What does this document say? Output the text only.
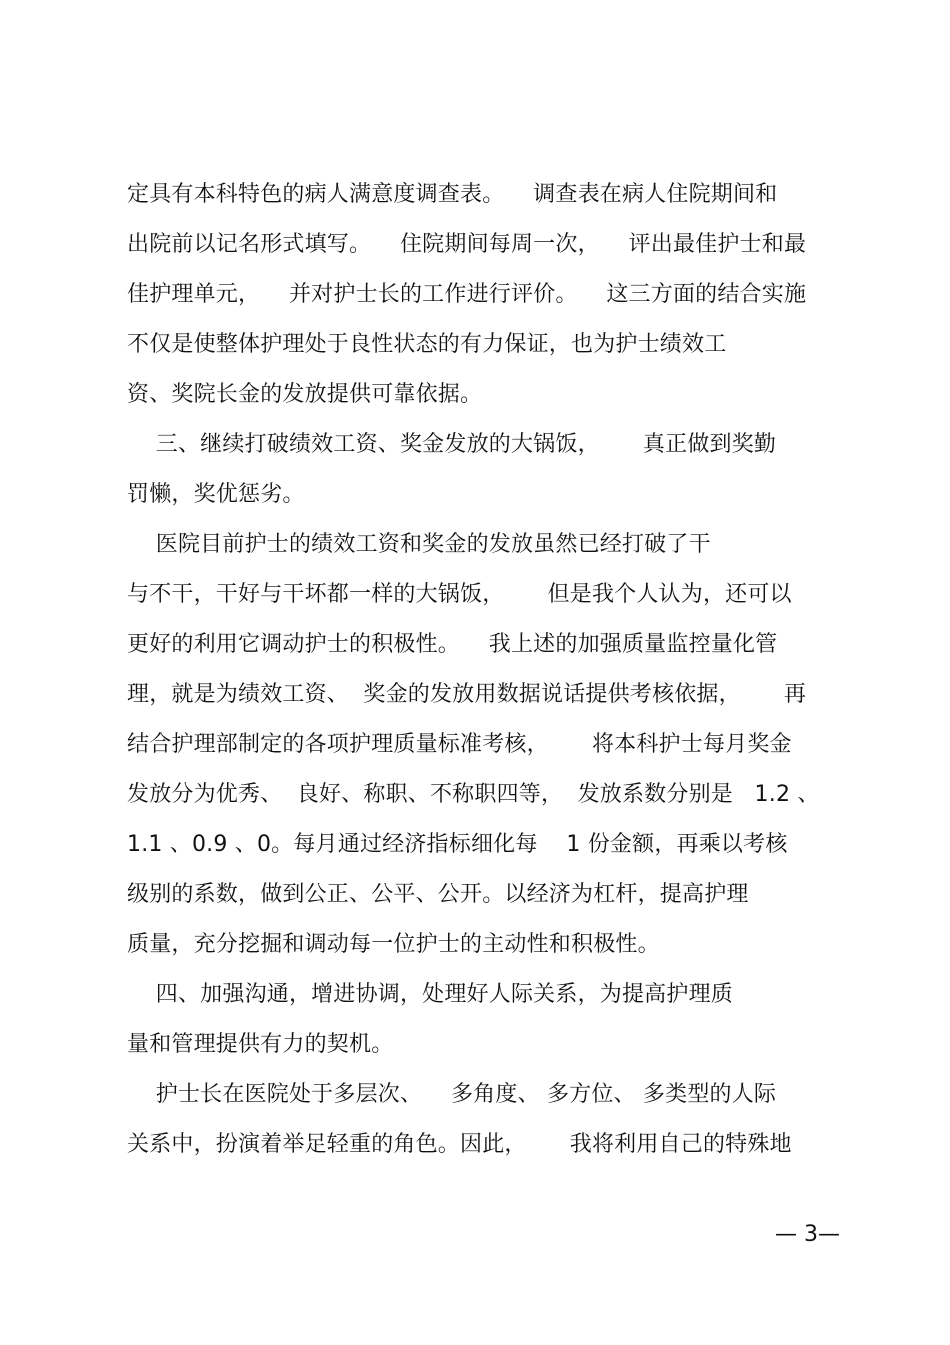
定具有本科特色的病人满意度调查表。    调查表在病人住院期间和
出院前以记名形式填写。    住院期间每周一次，    评出最佳护士和最
佳护理单元，    并对护士长的工作进行评价。    这三方面的结合实施
不仅是使整体护理处于良性状态的有力保证，也为护士绩效工
资、奖院长金的发放提供可靠依据。
三、继续打破绩效工资、奖金发放的大锅饭，      真正做到奖勤
罚懒，奖优惩劣。
医院目前护士的绩效工资和奖金的发放虽然已经打破了干
与不干，干好与干坏都一样的大锅饭，      但是我个人认为，还可以
更好的利用它调动护士的积极性。    我上述的加强质量监控量化管
理，就是为绩效工资、  奖金的发放用数据说话提供考核依据，      再
结合护理部制定的各项护理质量标准考核，      将本科护士每月奖金
发放分为优秀、  良好、称职、不称职四等，  发放系数分别是   1.2 、
1.1 、0.9 、0。每月通过经济指标细化每    1 份金额，再乘以考核
级别的系数，做到公正、公平、公开。以经济为杠杆，提高护理
质量，充分挖掘和调动每一位护士的主动性和积极性。
四、加强沟通，增进协调，处理好人际关系，为提高护理质
量和管理提供有力的契机。
护士长在医院处于多层次、    多角度、 多方位、 多类型的人际
关系中，扮演着举足轻重的角色。因此，      我将利用自己的特殊地
— 3—
